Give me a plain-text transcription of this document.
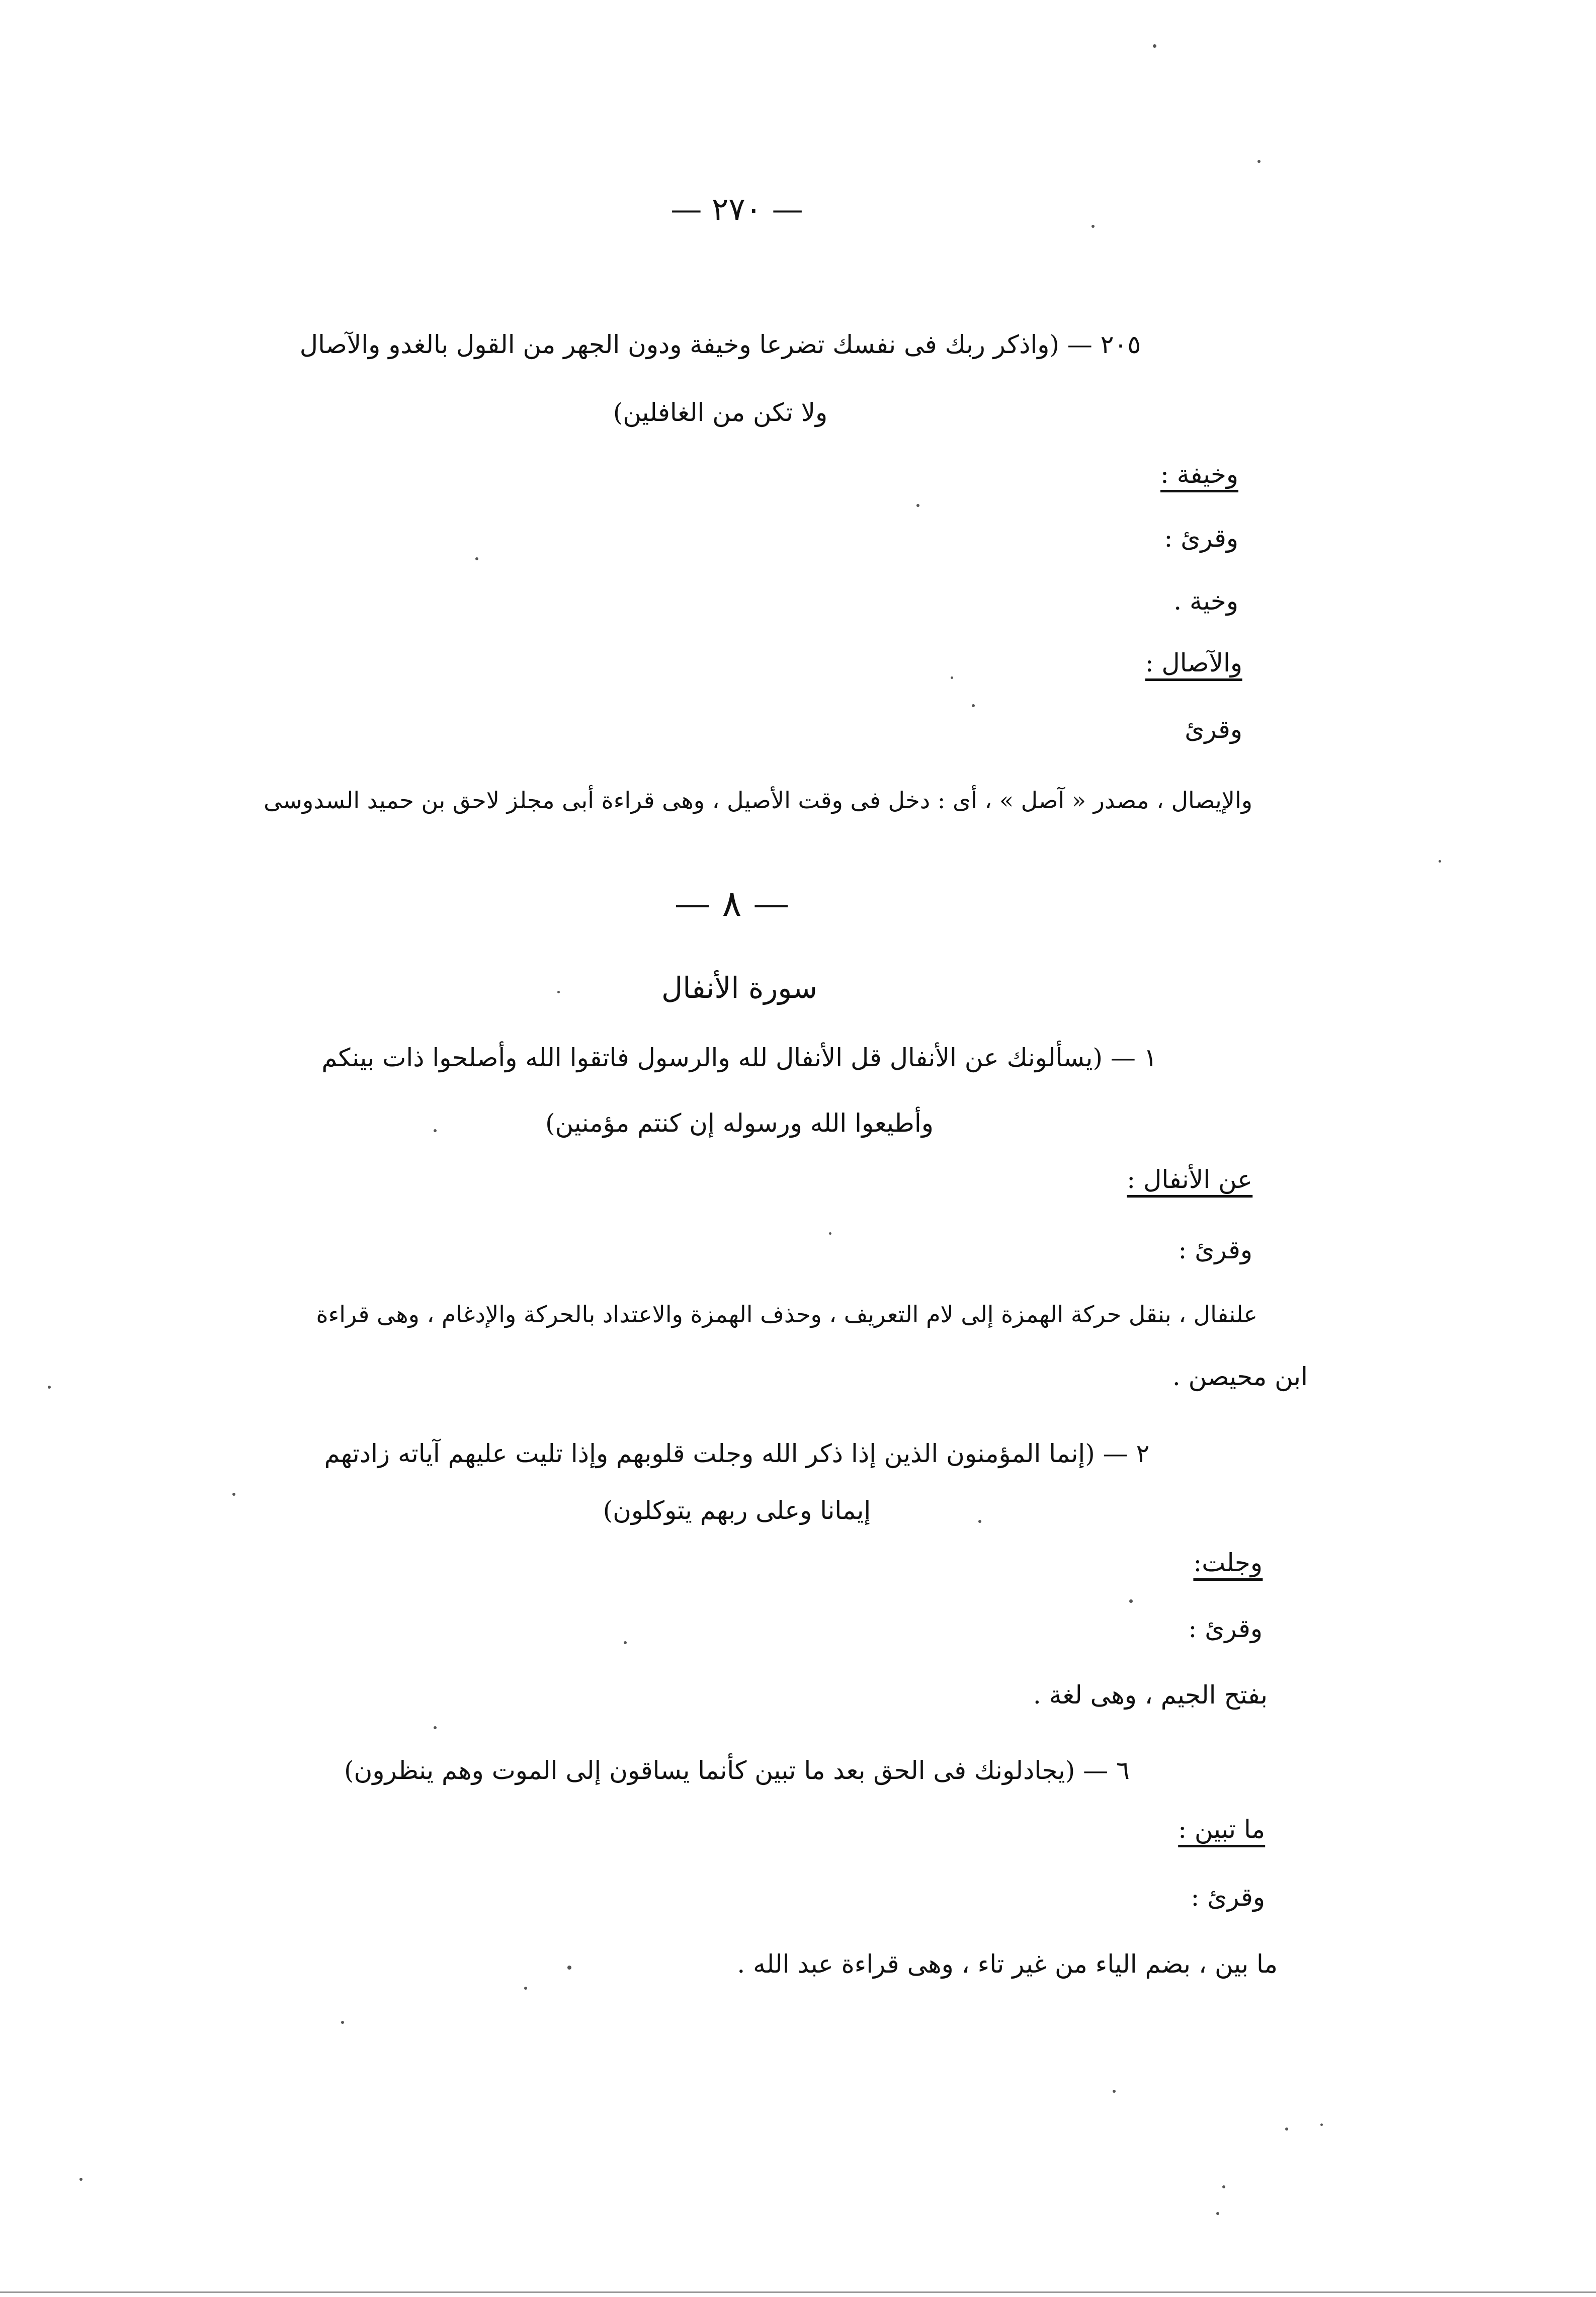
— ٢٧٠ —
٢٠٥ — (واذكر ربك فى نفسك تضرعا وخيفة ودون الجهر من القول بالغدو والآصال
ولا تكن من الغافلين)
وخيفة :
وقرئ :
وخية .
والآصال :
وقرئ
والإيصال ، مصدر « آصل » ، أى : دخل فى وقت الأصيل ، وهى قراءة أبى مجلز لاحق بن حميد السدوسى
— ٨ —
سورة الأنفال
١ — (يسألونك عن الأنفال قل الأنفال لله والرسول فاتقوا الله وأصلحوا ذات بينكم
وأطيعوا الله ورسوله إن كنتم مؤمنين)
عن الأنفال :
وقرئ :
علنفال ، بنقل حركة الهمزة إلى لام التعريف ، وحذف الهمزة والاعتداد بالحركة والإدغام ، وهى قراءة
ابن محيصن .
٢ — (إنما المؤمنون الذين إذا ذكر الله وجلت قلوبهم وإذا تليت عليهم آياته زادتهم
إيمانا وعلى ربهم يتوكلون)
وجلت:
وقرئ :
بفتح الجيم ، وهى لغة .
٦ — (يجادلونك فى الحق بعد ما تبين كأنما يساقون إلى الموت وهم ينظرون)
ما تبين :
وقرئ :
ما بين ، بضم الياء من غير تاء ، وهى قراءة عبد الله .
